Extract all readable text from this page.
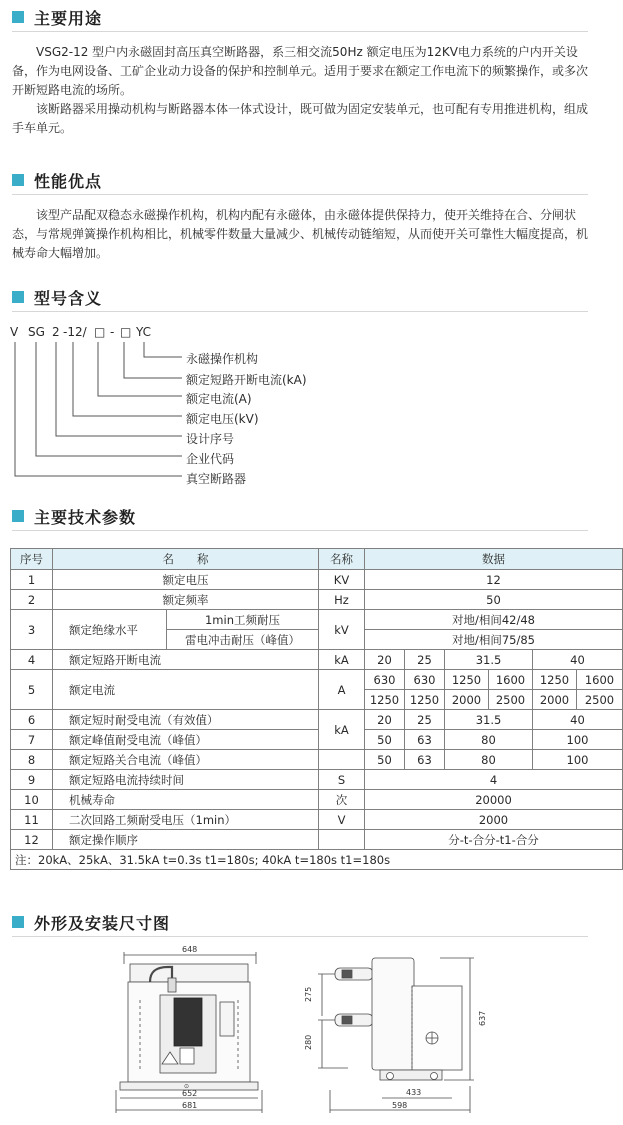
主要用途

VSG2-12 型户内永磁固封高压真空断路器，系三相交流50Hz 额定电压为12KV电力系统的户内开关设备，作为电网设备、工矿企业动力设备的保护和控制单元。适用于要求在额定工作电流下的频繁操作，或多次开断短路电流的场所。

该断路器采用操动机构与断路器本体一体式设计，既可做为固定安装单元，也可配有专用推进机构，组成手车单元。

性能优点

该型产品配双稳态永磁操作机构，机构内配有永磁体，由永磁体提供保持力，使开关维持在合、分闸状态，与常规弹簧操作机构相比，机械零件数量大量减少、机械传动链缩短，从而使开关可靠性大幅度提高，机械寿命大幅增加。

型号含义
V SG 2 -12/ □ - □ YC
永磁操作机构
额定短路开断电流(kA)
额定电流(A)
额定电压(kV)
设计序号
企业代码
真空断路器
主要技术参数
序号	名　　称		名称	数据					
1	额定电压		KV	12					
2	额定频率		Hz	50					
3	额定绝缘水平	1min工频耐压	kV	对地/相间42/48					
		雷电冲击耐压（峰值）		对地/相间75/85					
4	额定短路开断电流		kA	20	25	31.5		40	
5	额定电流		A	630	630	1250	1600	1250	1600
				1250	1250	2000	2500	2000	2500
6	额定短时耐受电流（有效值）		kA	20	25	31.5		40	
7	额定峰值耐受电流（峰值）			50	63	80		100	
8	额定短路关合电流（峰值）			50	63	80		100	
9	额定短路电流持续时间		S	4					
10	机械寿命		次	20000					
11	二次回路工频耐受电压（1min）		V	2000					
12	额定操作顺序			分-t-合分-t1-合分					
注：20kA、25kA、31.5kA t=0.3s t1=180s; 40kA t=180s t1=180s									
外形及安装尺寸图
648
⊙
652
681
275
280
637
433
598
